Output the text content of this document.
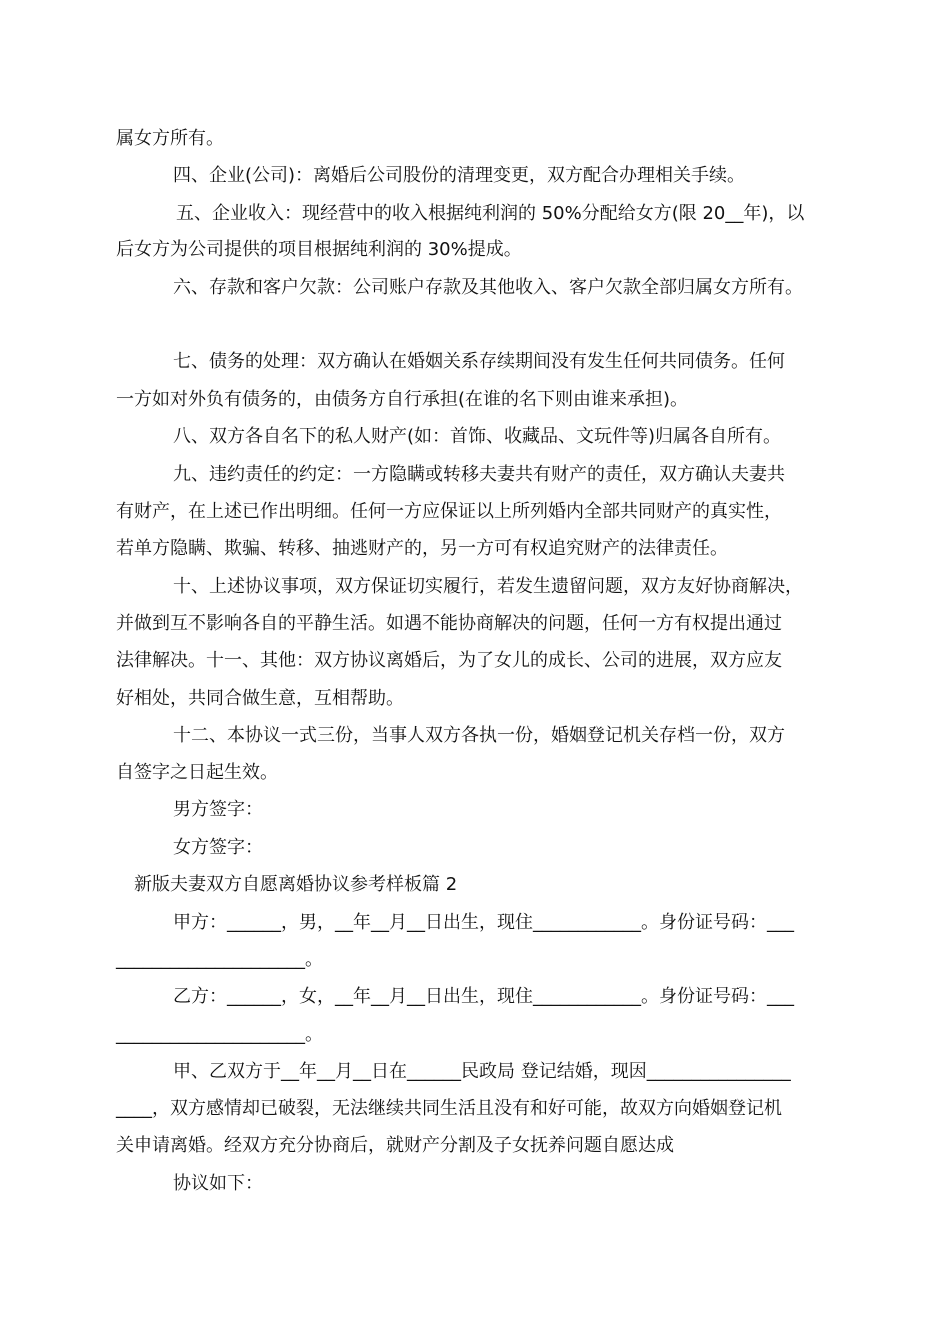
属女方所有。
四、企业(公司)：离婚后公司股份的清理变更，双方配合办理相关手续。
五、企业收入：现经营中的收入根据纯利润的 50%分配给女方(限 20__年)，以
后女方为公司提供的项目根据纯利润的 30%提成。
六、存款和客户欠款：公司账户存款及其他收入、客户欠款全部归属女方所有。
七、债务的处理：双方确认在婚姻关系存续期间没有发生任何共同债务。任何
一方如对外负有债务的，由债务方自行承担(在谁的名下则由谁来承担)。
八、双方各自名下的私人财产(如：首饰、收藏品、文玩件等)归属各自所有。
九、违约责任的约定：一方隐瞒或转移夫妻共有财产的责任，双方确认夫妻共
有财产，在上述已作出明细。任何一方应保证以上所列婚内全部共同财产的真实性，
若单方隐瞒、欺骗、转移、抽逃财产的，另一方可有权追究财产的法律责任。
十、上述协议事项，双方保证切实履行，若发生遗留问题，双方友好协商解决，
并做到互不影响各自的平静生活。如遇不能协商解决的问题，任何一方有权提出通过
法律解决。十一、其他：双方协议离婚后，为了女儿的成长、公司的进展，双方应友
好相处，共同合做生意，互相帮助。
十二、本协议一式三份，当事人双方各执一份，婚姻登记机关存档一份，双方
自签字之日起生效。
男方签字：
女方签字：
新版夫妻双方自愿离婚协议参考样板篇 2
甲方：______，男，__年__月__日出生，现住____________。身份证号码：___
_____________________。
乙方：______，女，__年__月__日出生，现住____________。身份证号码：___
_____________________。
甲、乙双方于__年__月__日在______民政局 登记结婚，现因________________
____，双方感情却已破裂，无法继续共同生活且没有和好可能，故双方向婚姻登记机
关申请离婚。经双方充分协商后，就财产分割及子女抚养问题自愿达成
协议如下：
